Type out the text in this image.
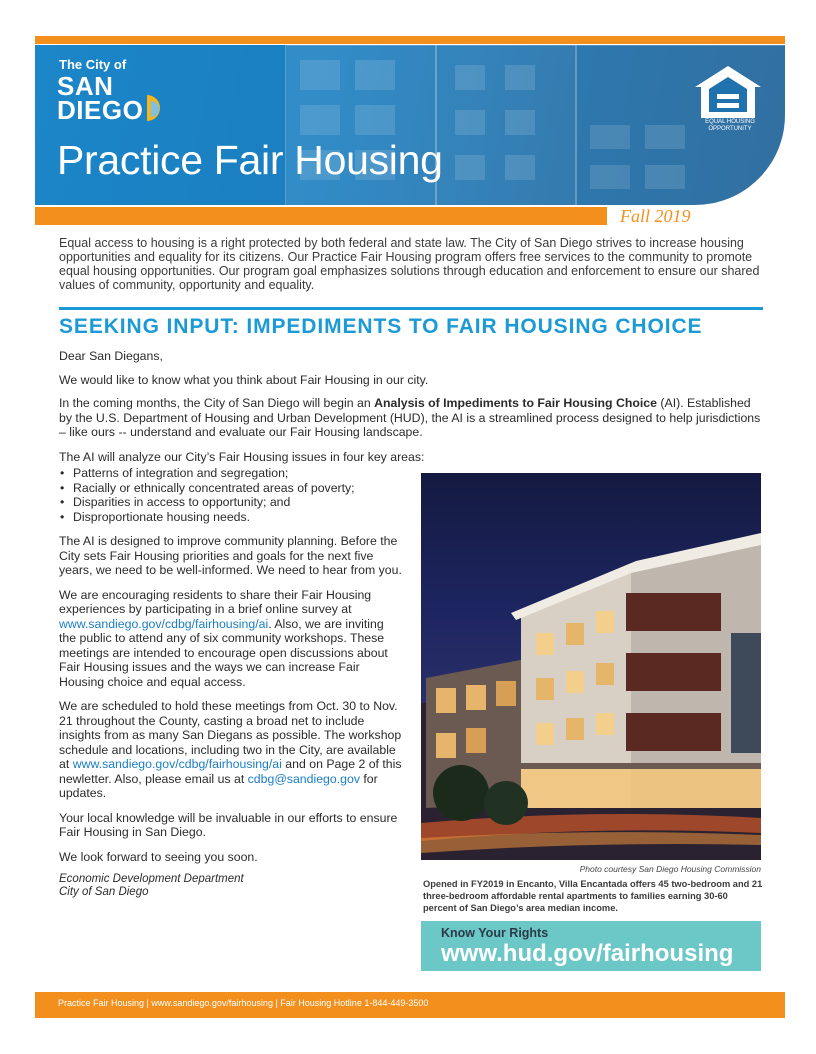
The City of
SAN
DIEGO
Practice Fair Housing
EQUAL HOUSING OPPORTUNITY
Fall 2019
Equal access to housing is a right protected by both federal and state law. The City of San Diego strives to increase housing opportunities and equality for its citizens. Our Practice Fair Housing program offers free services to the community to promote equal housing opportunities. Our program goal emphasizes solutions through education and enforcement to ensure our shared values of community, opportunity and equality.
SEEKING INPUT: IMPEDIMENTS TO FAIR HOUSING CHOICE
Dear San Diegans,
We would like to know what you think about Fair Housing in our city.
In the coming months, the City of San Diego will begin an Analysis of Impediments to Fair Housing Choice (AI). Established by the U.S. Department of Housing and Urban Development (HUD), the AI is a streamlined process designed to help jurisdictions – like ours -- understand and evaluate our Fair Housing landscape.
The AI will analyze our City’s Fair Housing issues in four key areas:
• Patterns of integration and segregation;
• Racially or ethnically concentrated areas of poverty;
• Disparities in access to opportunity; and
• Disproportionate housing needs.

The AI is designed to improve community planning. Before the City sets Fair Housing priorities and goals for the next five years, we need to be well-informed. We need to hear from you.

We are encouraging residents to share their Fair Housing experiences by participating in a brief online survey at www.sandiego.gov/cdbg/fairhousing/ai. Also, we are inviting the public to attend any of six community workshops. These meetings are intended to encourage open discussions about Fair Housing issues and the ways we can increase Fair Housing choice and equal access.

We are scheduled to hold these meetings from Oct. 30 to Nov. 21 throughout the County, casting a broad net to include insights from as many San Diegans as possible. The workshop schedule and locations, including two in the City, are available at www.sandiego.gov/cdbg/fairhousing/ai and on Page 2 of this newletter. Also, please email us at cdbg@sandiego.gov for updates.

Your local knowledge will be invaluable in our efforts to ensure Fair Housing in San Diego.

We look forward to seeing you soon.

Economic Development Department

City of San Diego

Photo courtesy San Diego Housing Commission
Opened in FY2019 in Encanto, Villa Encantada offers 45 two-bedroom and 21 three-bedroom affordable rental apartments to families earning 30-60 percent of San Diego’s area median income.
Know Your Rights
www.hud.gov/fairhousing
Practice Fair Housing | www.sandiego.gov/fairhousing | Fair Housing Hotline 1-844-449-3500
